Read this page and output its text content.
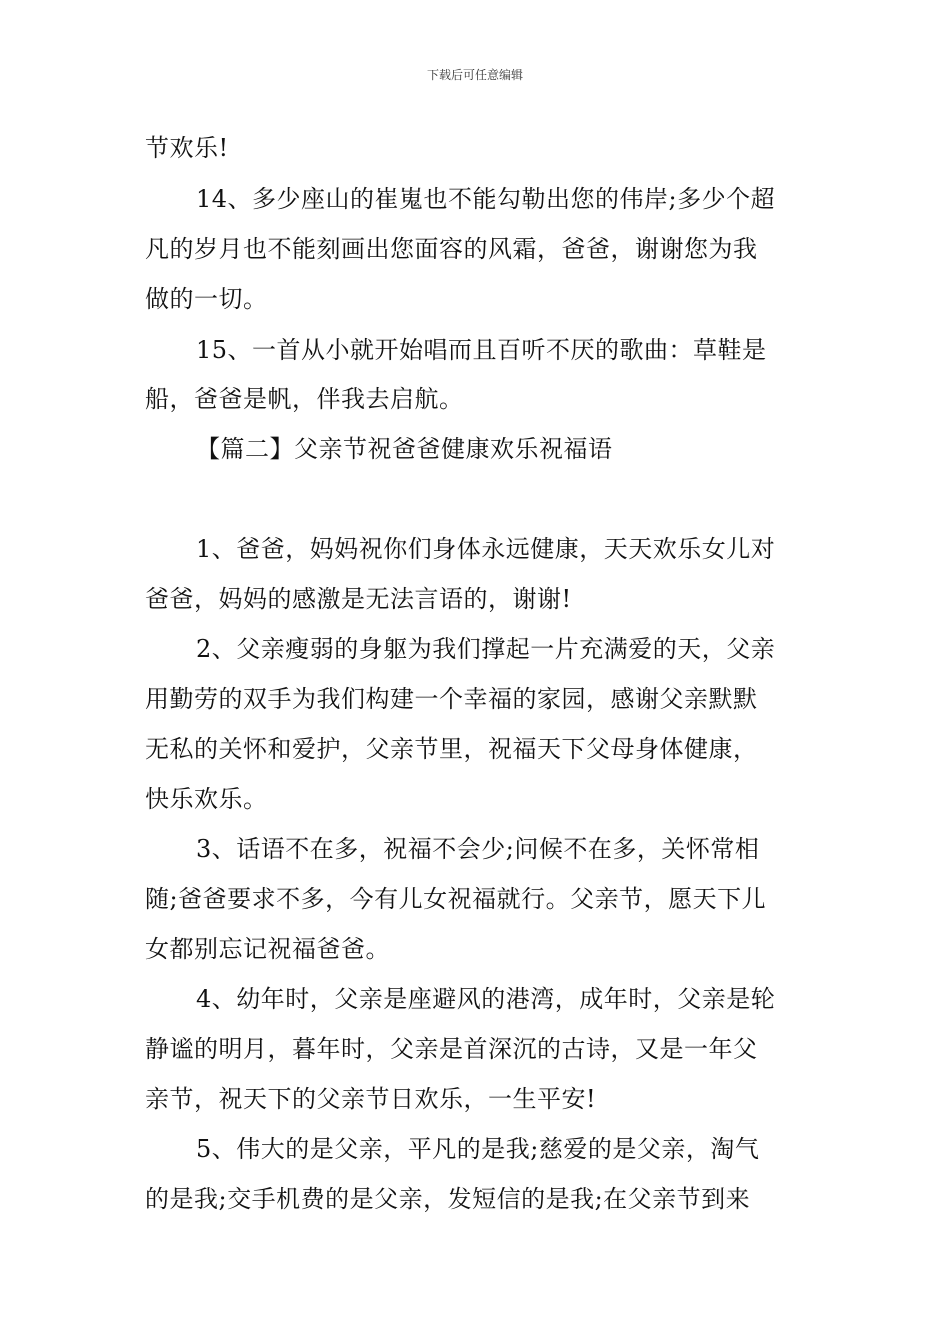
下载后可任意编辑
节欢乐!
14、多少座山的崔嵬也不能勾勒出您的伟岸;多少个超
凡的岁月也不能刻画出您面容的风霜，爸爸，谢谢您为我
做的一切。
15、一首从小就开始唱而且百听不厌的歌曲：草鞋是
船，爸爸是帆，伴我去启航。
【篇二】父亲节祝爸爸健康欢乐祝福语
1、爸爸，妈妈祝你们身体永远健康，天天欢乐女儿对
爸爸，妈妈的感激是无法言语的，谢谢!
2、父亲瘦弱的身躯为我们撑起一片充满爱的天，父亲
用勤劳的双手为我们构建一个幸福的家园，感谢父亲默默
无私的关怀和爱护，父亲节里，祝福天下父母身体健康，
快乐欢乐。
3、话语不在多，祝福不会少;问候不在多，关怀常相
随;爸爸要求不多，今有儿女祝福就行。父亲节，愿天下儿
女都别忘记祝福爸爸。
4、幼年时，父亲是座避风的港湾，成年时，父亲是轮
静谧的明月，暮年时，父亲是首深沉的古诗，又是一年父
亲节，祝天下的父亲节日欢乐，一生平安!
5、伟大的是父亲，平凡的是我;慈爱的是父亲，淘气
的是我;交手机费的是父亲，发短信的是我;在父亲节到来
